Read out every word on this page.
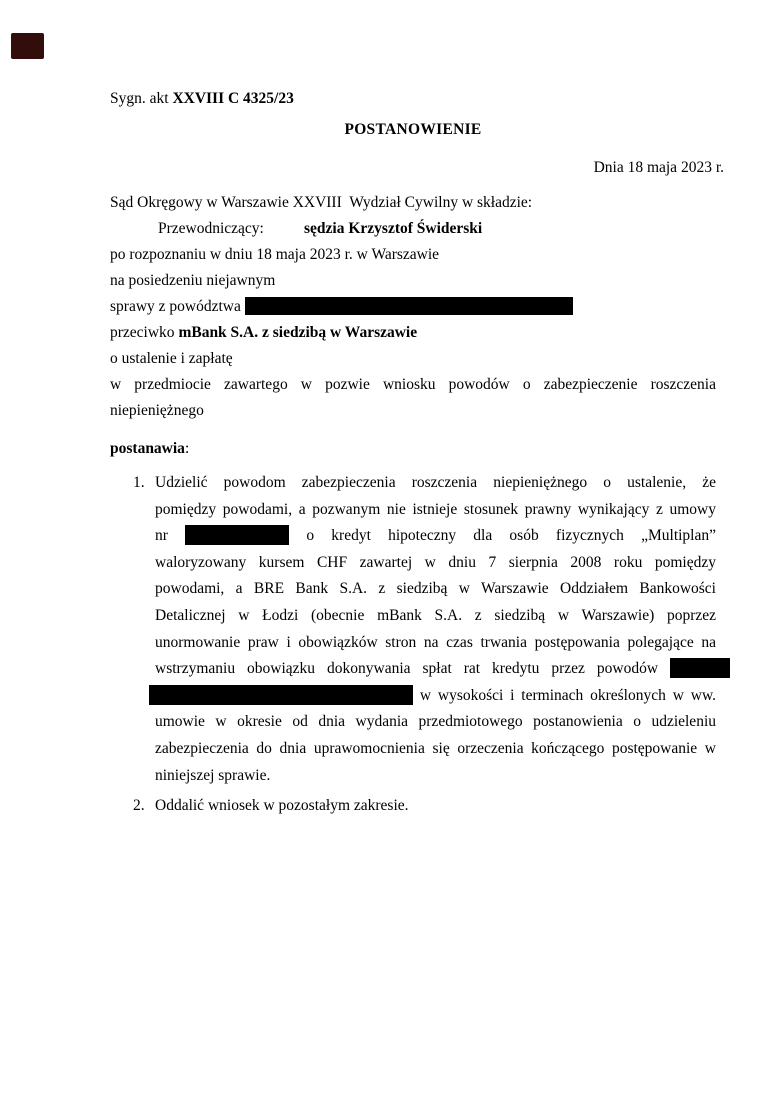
Sygn. akt XXVIII C 4325/23
POSTANOWIENIE
Dnia 18 maja 2023 r.
Sąd Okręgowy w Warszawie XXVIII  Wydział Cywilny w składzie:
Przewodniczący:	sędzia Krzysztof Świderski
po rozpoznaniu w dniu 18 maja 2023 r. w Warszawie
na posiedzeniu niejawnym
sprawy z powództwa
przeciwko mBank S.A. z siedzibą w Warszawie
o ustalenie i zapłatę
w przedmiocie zawartego w pozwie wniosku powodów o zabezpieczenie roszczenia
niepieniężnego
postanawia:
1. Udzielić powodom zabezpieczenia roszczenia niepieniężnego o ustalenie, że
pomiędzy powodami, a pozwanym nie istnieje stosunek prawny wynikający z umowy
nr	o kredyt hipoteczny dla osób fizycznych „Multiplan”
waloryzowany kursem CHF zawartej w dniu 7 sierpnia 2008 roku pomiędzy
powodami, a BRE Bank S.A. z siedzibą w Warszawie Oddziałem Bankowości
Detalicznej w Łodzi (obecnie mBank S.A. z siedzibą w Warszawie) poprzez
unormowanie praw i obowiązków stron na czas trwania postępowania polegające na
wstrzymaniu obowiązku dokonywania spłat rat kredytu przez powodów
w wysokości i terminach określonych w ww.
umowie w okresie od dnia wydania przedmiotowego postanowienia o udzieleniu
zabezpieczenia do dnia uprawomocnienia się orzeczenia kończącego postępowanie w
niniejszej sprawie.
2. Oddalić wniosek w pozostałym zakresie.
